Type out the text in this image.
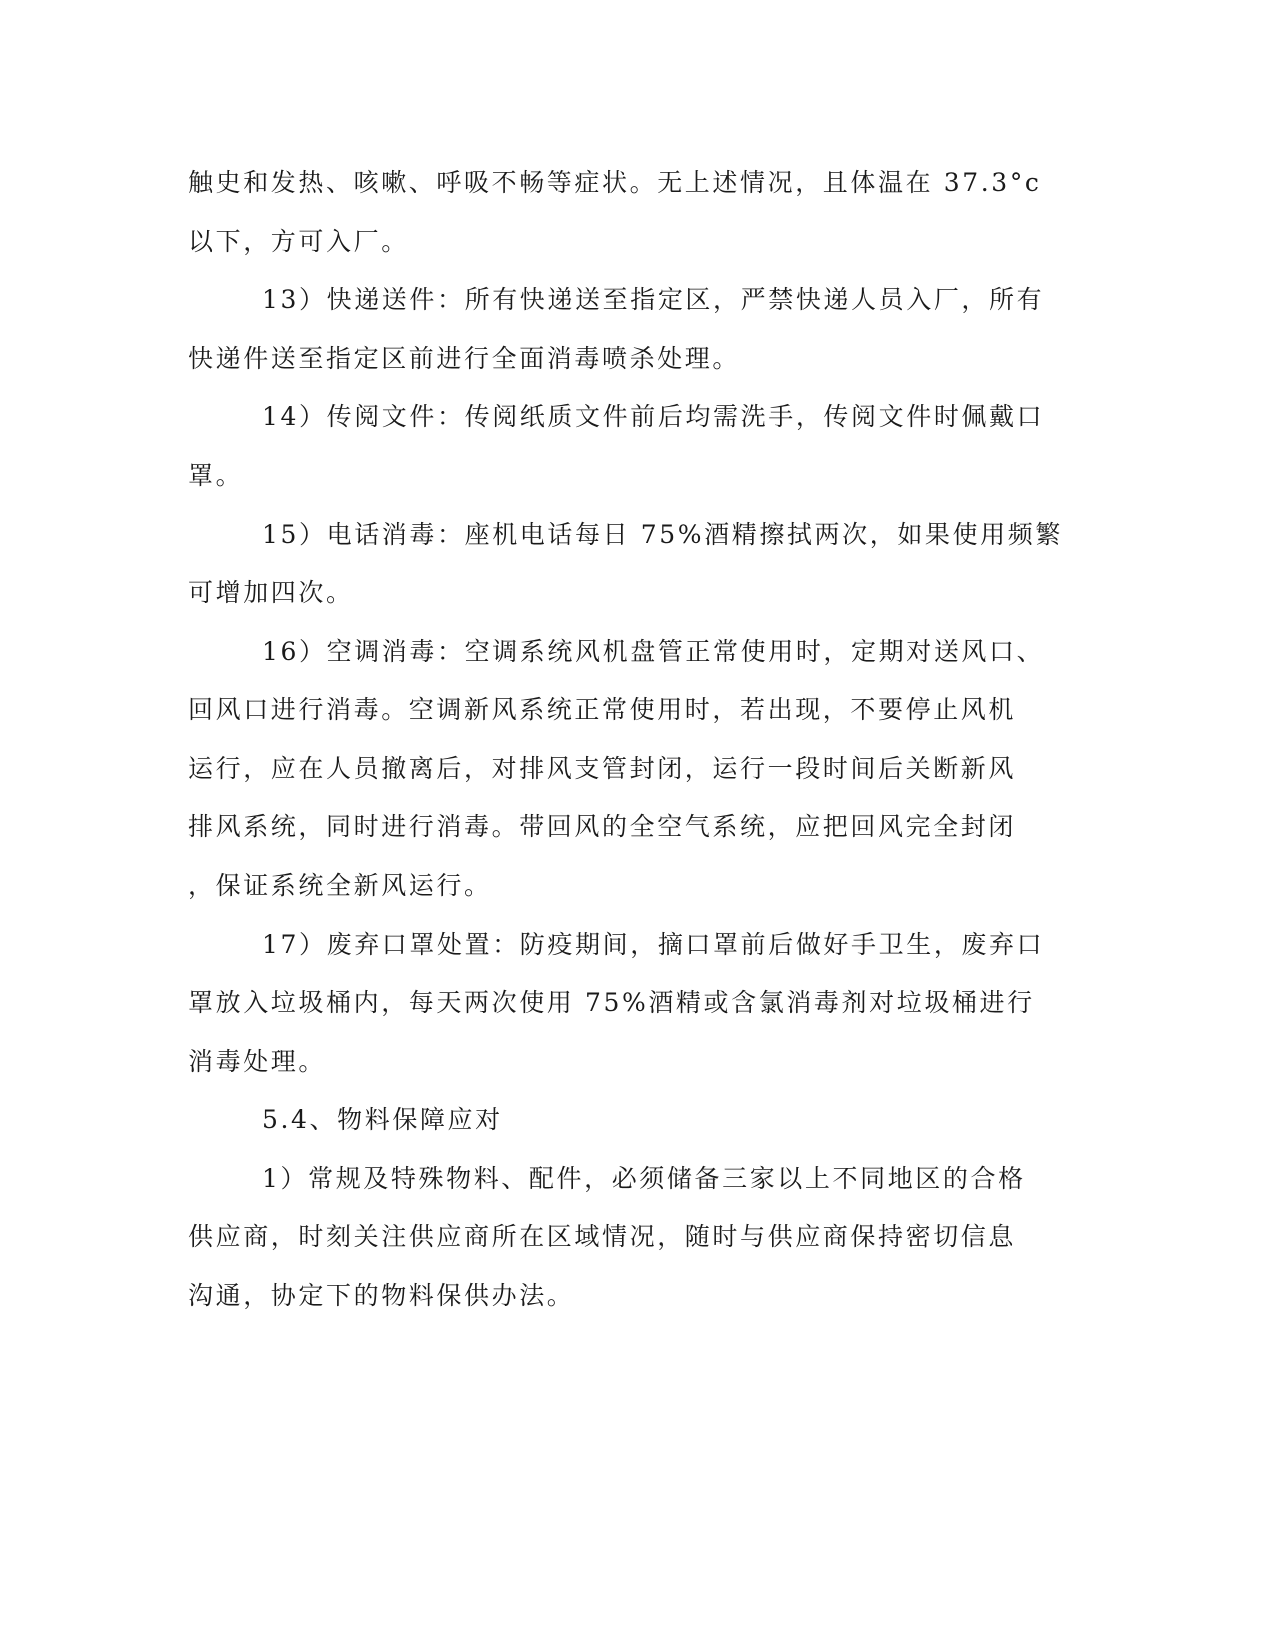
触史和发热、咳嗽、呼吸不畅等症状。无上述情况，且体温在 37.3°c
以下，方可入厂。
13）快递送件：所有快递送至指定区，严禁快递人员入厂，所有
快递件送至指定区前进行全面消毒喷杀处理。
14）传阅文件：传阅纸质文件前后均需洗手，传阅文件时佩戴口
罩。
15）电话消毒：座机电话每日 75%酒精擦拭两次，如果使用频繁
可增加四次。
16）空调消毒：空调系统风机盘管正常使用时，定期对送风口、
回风口进行消毒。空调新风系统正常使用时，若出现，不要停止风机
运行，应在人员撤离后，对排风支管封闭，运行一段时间后关断新风
排风系统，同时进行消毒。带回风的全空气系统，应把回风完全封闭
，保证系统全新风运行。
17）废弃口罩处置：防疫期间，摘口罩前后做好手卫生，废弃口
罩放入垃圾桶内，每天两次使用 75%酒精或含氯消毒剂对垃圾桶进行
消毒处理。
5.4、物料保障应对
1）常规及特殊物料、配件，必须储备三家以上不同地区的合格
供应商，时刻关注供应商所在区域情况，随时与供应商保持密切信息
沟通，协定下的物料保供办法。
